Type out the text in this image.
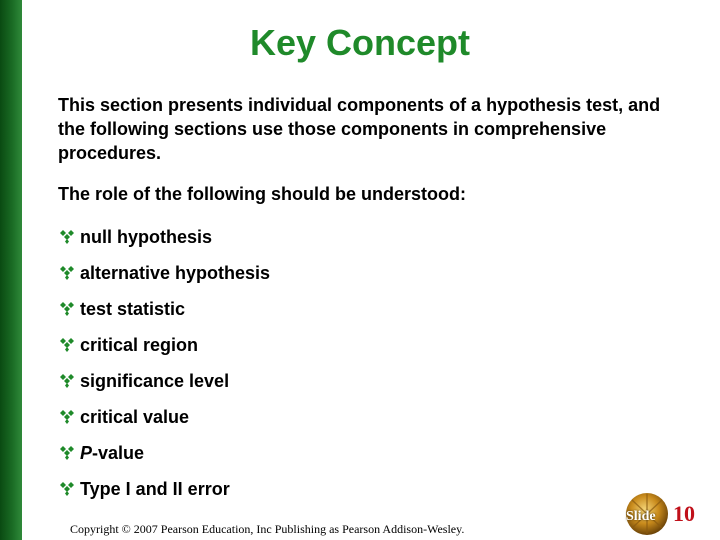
Key Concept

This section presents individual components of a hypothesis test, and the following sections use those components in comprehensive procedures.

The role of the following should be understood:

null hypothesis
alternative hypothesis
test statistic
critical region
significance level
critical value
P-value
Type I and II error
Copyright © 2007 Pearson Education, Inc Publishing as Pearson Addison-Wesley.
Slide 10
